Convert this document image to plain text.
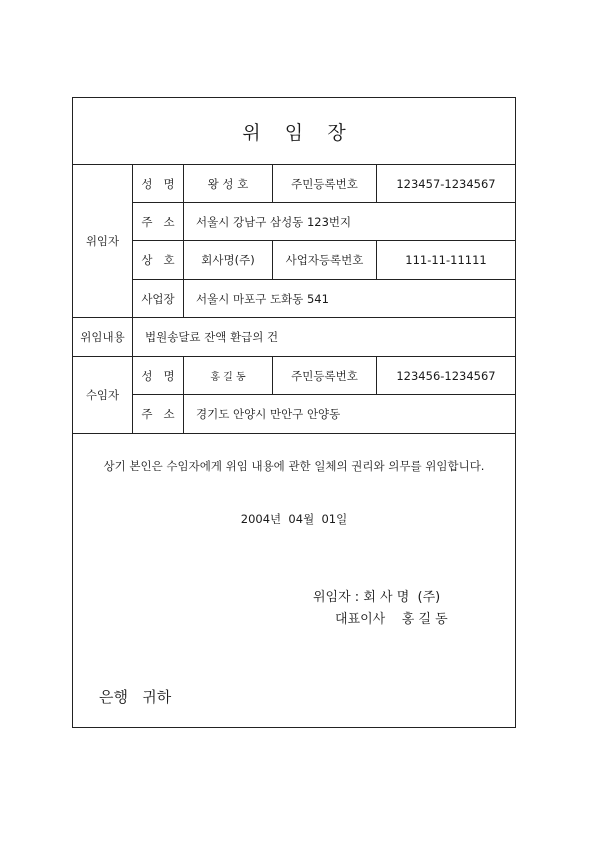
위    임    장
위임자
성   명	왕 성 호	주민등록번호	123457-1234567
주   소	서울시 강남구 삼성동 123번지
상   호	회사명(주)	사업자등록번호	111-11-11111
사업장	서울시 마포구 도화동 541
위임내용	법원송달료 잔액 환급의 건
수임자
성   명	홍 길 동	주민등록번호	123456-1234567
주   소	경기도 안양시 만안구 안양동
상기 본인은 수임자에게 위임 내용에 관한 일체의 권리와 의무를 위임합니다.
2004년  04월  01일
위임자 : 회 사 명  (주)
대표이사    홍 길 동
은행   귀하
